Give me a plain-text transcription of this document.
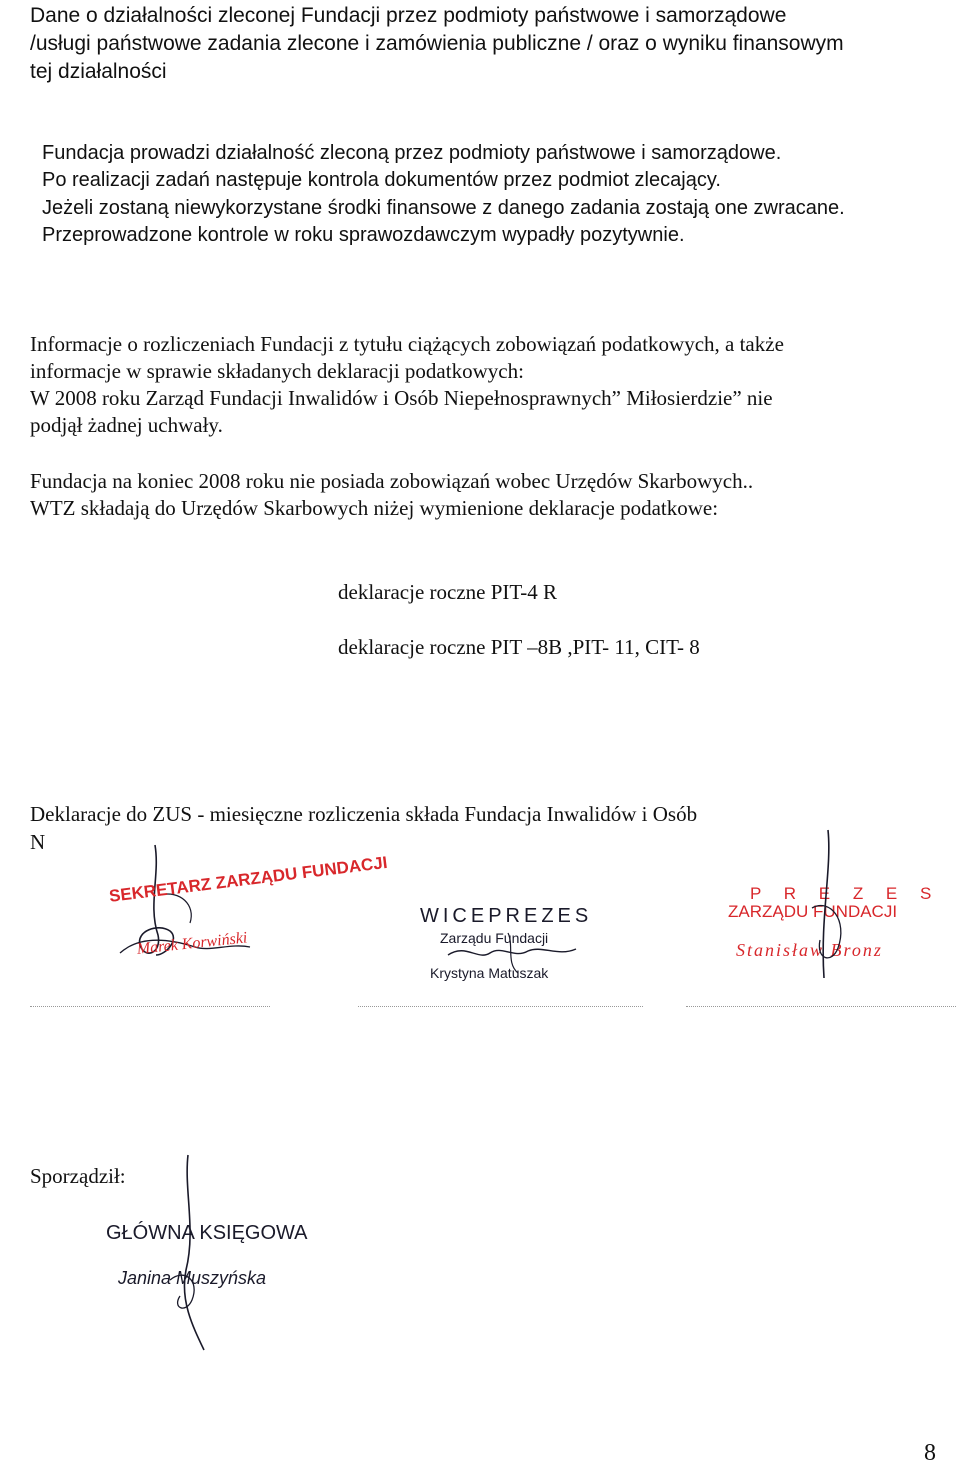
Dane o działalności zleconej Fundacji przez podmioty państwowe i samorządowe
/usługi państwowe zadania zlecone i zamówienia publiczne / oraz o wyniku finansowym
tej działalności
Fundacja prowadzi działalność zleconą przez podmioty państwowe i samorządowe.
Po realizacji zadań następuje kontrola dokumentów przez podmiot zlecający.
Jeżeli zostaną niewykorzystane środki finansowe z danego zadania zostają one zwracane.
Przeprowadzone kontrole w roku sprawozdawczym wypadły pozytywnie.
Informacje o rozliczeniach Fundacji z tytułu ciążących zobowiązań podatkowych, a także
informacje w sprawie składanych deklaracji podatkowych:
W 2008 roku Zarząd Fundacji Inwalidów i Osób Niepełnosprawnych” Miłosierdzie” nie
podjął żadnej uchwały.
Fundacja na koniec 2008 roku nie posiada zobowiązań wobec Urzędów Skarbowych..
WTZ składają do Urzędów Skarbowych niżej wymienione deklaracje podatkowe:
deklaracje roczne PIT-4 R
deklaracje roczne PIT –8B ,PIT- 11, CIT- 8
Deklaracje do ZUS - miesięczne rozliczenia składa Fundacja Inwalidów i Osób
N
SEKRETARZ ZARZĄDU FUNDACJI
Marek Korwiński
WICEPREZES
Zarządu Fundacji
Krystyna Matuszak
P R E Z E S
ZARZĄDU FUNDACJI
Stanisław Bronz
Sporządził:
GŁÓWNA KSIĘGOWA
Janina Muszyńska
8
